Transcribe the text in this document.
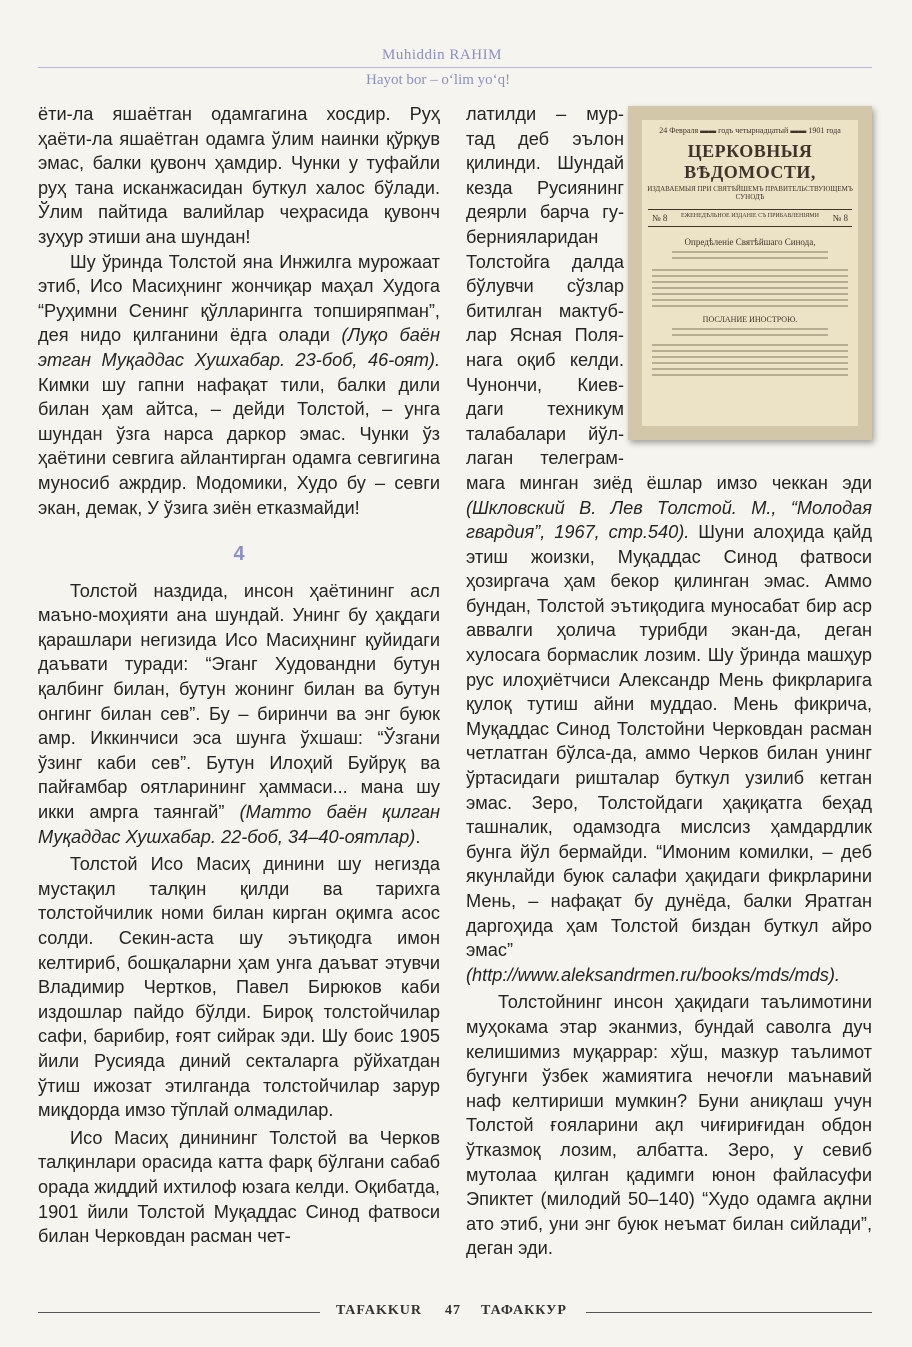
Muhiddin RAHIM
Hayot bor – o‘lim yo‘q!

ёти-ла яшаётган одамгагина хосдир. Руҳ ҳаёти-ла яшаётган одамга ўлим наинки қўрқув эмас, балки қувонч ҳамдир. Чунки у туфайли руҳ тана исканжасидан буткул халос бўлади. Ўлим пайтида валийлар чеҳрасида қувонч зуҳур этиши ана шундан!

Шу ўринда Толстой яна Инжилга мурожаат этиб, Исо Масиҳнинг жончиқар маҳал Худога “Руҳимни Сенинг қўлларингга топширяпман”, дея нидо қилганини ёдга олади (Луқо баён этган Муқаддас Хушхабар. 23-боб, 46-оят). Кимки шу гапни нафақат тили, балки дили билан ҳам айтса, – дейди Толстой, – унга шундан ўзга нарса даркор эмас. Чунки ўз ҳаётини севгига айлантирган одамга севгигина муносиб ажрдир. Модомики, Худо бу – севги экан, демак, У ўзига зиён етказмайди!

4

Толстой наздида, инсон ҳаётининг асл маъно-моҳияти ана шундай. Унинг бу ҳақдаги қарашлари негизида Исо Масиҳнинг қуйидаги даъвати туради: “Эганг Худовандни бутун қалбинг билан, бутун жонинг билан ва бутун онгинг билан сев”. Бу – биринчи ва энг буюк амр. Иккинчиси эса шунга ўхшаш: “Ўзгани ўзинг каби сев”. Бутун Илоҳий Буйруқ ва пайғамбар оятларининг ҳаммаси... мана шу икки амрга таянгай” (Матто баён қилган Муқаддас Хушхабар. 22-боб, 34–40-оятлар).

Толстой Исо Масиҳ динини шу негизда мустақил талқин қилди ва тарихга толстойчилик номи билан кирган оқимга асос солди. Секин-аста шу эътиқодга имон келтириб, бошқаларни ҳам унга даъват этувчи Владимир Чертков, Павел Бирюков каби издошлар пайдо бўлди. Бироқ толстойчилар сафи, барибир, ғоят сийрак эди. Шу боис 1905 йили Русияда диний секталарга рўйхатдан ўтиш ижозат этилганда толстойчилар зарур миқдорда имзо тўплай олмадилар.

Исо Масиҳ динининг Толстой ва Черков талқинлари орасида катта фарқ бўлгани сабаб орада жиддий ихтилоф юзага келди. Оқибатда, 1901 йили Толстой Муқаддас Синод фатвоси билан Черковдан расман чет-

латилди – мур-

тад деб эълон

қилинди. Шундай

кезда Русиянинг

деярли барча гу-

бернияларидан

Толстойга далда

бўлувчи сўзлар

битилган мактуб-

лар Ясная Поля-

нага оқиб келди.

Чунончи, Киев-

даги техникум

талабалари йўл-

лаган телеграм-

мага минган зиёд ёшлар имзо чеккан эди (Шкловский В. Лев Толстой. М., “Молодая гвардия”, 1967, стр.540). Шуни алоҳида қайд этиш жоизки, Муқаддас Синод фатвоси ҳозиргача ҳам бекор қилинган эмас. Аммо бундан, Толстой эътиқодига муносабат бир аср аввалги ҳолича турибди экан-да, деган хулосага бормаслик лозим. Шу ўринда машҳур рус илоҳиётчиси Александр Мень фикрларига қулоқ тутиш айни муддао. Мень фикрича, Муқаддас Синод Толстойни Черковдан расман четлатган бўлса-да, аммо Черков билан унинг ўртасидаги ришталар буткул узилиб кетган эмас. Зеро, Толстойдаги ҳақиқатга беҳад ташналик, одамзодга мислсиз ҳамдардлик бунга йўл бермайди. “Имоним комилки, – деб якунлайди буюк салафи ҳақидаги фикрларини Мень, – нафақат бу дунёда, балки Яратган даргоҳида ҳам Толстой биздан буткул айро эмас” (http://www.aleksandrmen.ru/books/mds/mds).

Толстойнинг инсон ҳақидаги таълимотини муҳокама этар эканмиз, бундай саволга дуч келишимиз муқаррар: хўш, мазкур таълимот бугунги ўзбек жамиятига нечоғли маънавий наф келтириши мумкин? Буни аниқлаш учун Толстой ғояларини ақл чиғириғидан обдон ўтказмоқ лозим, албатта. Зеро, у севиб мутолаа қилган қадимги юнон файласуфи Эпиктет (милодий 50–140) “Худо одамга ақлни ато этиб, уни энг буюк неъмат билан сийлади”, деган эди.

24 Февраля ▬▬ годъ четырнадцатый ▬▬ 1901 года
ЦЕРКОВНЫЯ ВѢДОМОСТИ,
ИЗДАВАЕМЫЯ ПРИ СВЯТѢЙШЕМЪ ПРАВИТЕЛЬСТВУЮЩЕМЪ СУНОДѢ
№ 8	ЕЖЕНЕДѢЛЬНОЕ ИЗДАНІЕ СЪ ПРИБАВЛЕНІЯМИ	№ 8
Опредѣленіе Святѣйшаго Синода,
ПОСЛАНИЕ ИНОСТРОЮ.
TAFAKKUR 47 ТАФАККУР
